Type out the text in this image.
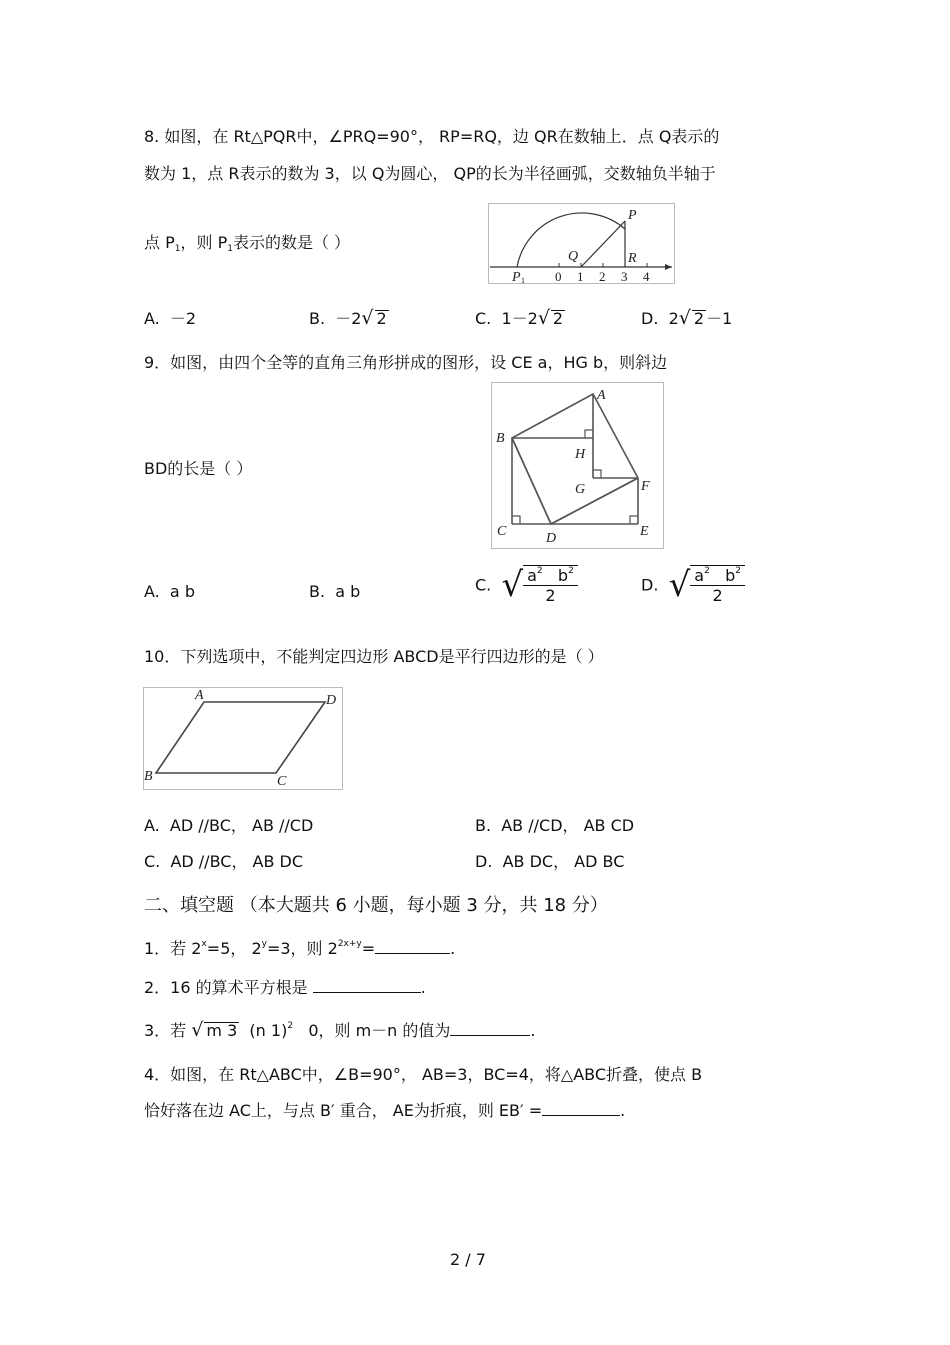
8. 如图，在 Rt△PQR中，∠PRQ=90°， RP=RQ，边 QR在数轴上．点 Q表示的
数为 1，点 R表示的数为 3，以 Q为圆心， QP的长为半径画弧，交数轴负半轴于
点 $P_1$，则 $P_1$表示的数是（ ）
P
Q	R
P 1 0 1 2 3 4
A. －2	B. －2√ 2	C. 1－2√ 2	D. 2√ 2 －1
9．如图，由四个全等的直角三角形拼成的图形，设 CE a，HG b，则斜边
BD的长是（ ）
A
B
C	D	E
F
G
H
A. a b	B. a b	C. √ $\frac{a^2 b^2}{2}$	D. √ $\frac{a^2 b^2}{2}$
10．下列选项中，不能判定四边形 ABCD是平行四边形的是（ ）
A	D
B	C
A. AD //BC， AB //CD	B. AB //CD， AB CD
C. AD //BC， AB DC	D. AB DC， AD BC
二、填空题 （本大题共 6 小题，每小题 3 分，共 18 分）
1．若 $2^x=5$， $2^y=3$，则 $2^{2x+y}=$	.
2．16 的算术平方根是	.
3．若 √ m 3 (n 1)$^2$ 0，则 m－n 的值为	.
4．如图，在 Rt△ABC中，∠B=90°， AB=3，BC=4，将△ABC折叠，使点 B
恰好落在边 AC上，与点 B′ 重合， AE为折痕，则 EB′ =	.
2 / 7
